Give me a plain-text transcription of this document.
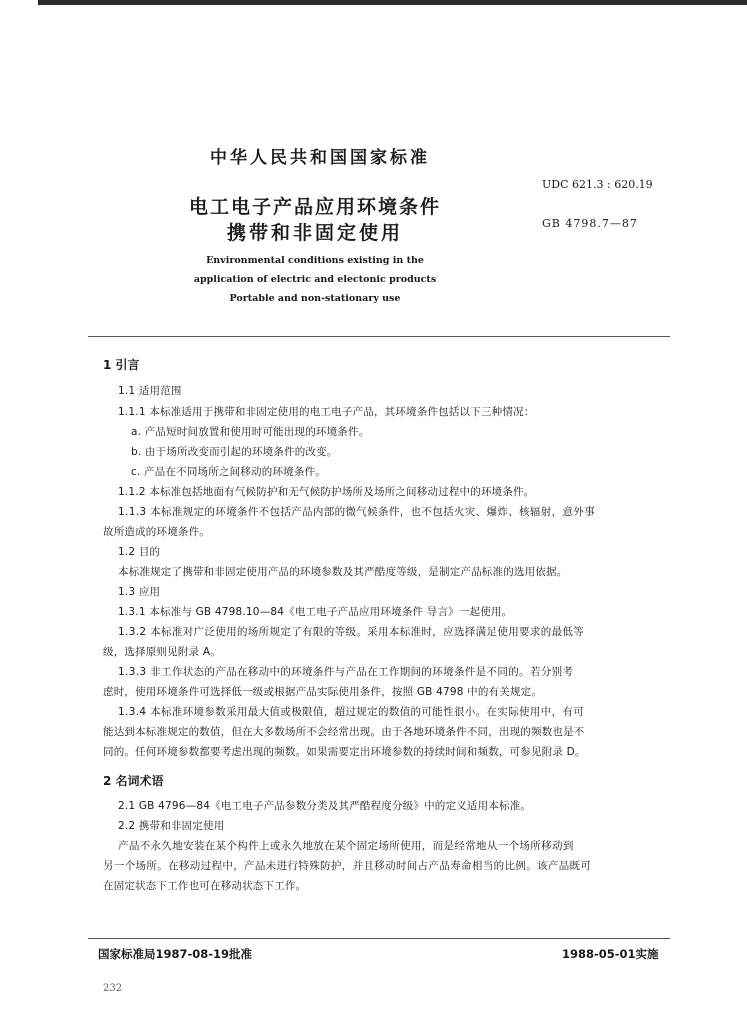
中华人民共和国国家标准
电工电子产品应用环境条件
携带和非固定使用
UDC 621.3 : 620.19
GB 4798.7—87
Environmental conditions existing in the
application of electric and electonic products
Portable and non-stationary use
1 引言
1.1 适用范围
1.1.1 本标准适用于携带和非固定使用的电工电子产品，其环境条件包括以下三种情况：
a. 产品短时间放置和使用时可能出现的环境条件。
b. 由于场所改变而引起的环境条件的改变。
c. 产品在不同场所之间移动的环境条件。
1.1.2 本标准包括地面有气候防护和无气候防护场所及场所之间移动过程中的环境条件。
1.1.3 本标准规定的环境条件不包括产品内部的微气候条件，也不包括火灾、爆炸、核辐射，意外事
故所造成的环境条件。
1.2 目的
本标准规定了携带和非固定使用产品的环境参数及其严酷度等级，是制定产品标准的选用依据。
1.3 应用
1.3.1 本标准与 GB 4798.10—84《电工电子产品应用环境条件 导言》一起使用。
1.3.2 本标准对广泛使用的场所规定了有限的等级。采用本标准时，应选择满足使用要求的最低等
级，选择原则见附录 A。
1.3.3 非工作状态的产品在移动中的环境条件与产品在工作期间的环境条件是不同的。若分别考
虑时，使用环境条件可选择低一级或根据产品实际使用条件，按照 GB 4798 中的有关规定。
1.3.4 本标准环境参数采用最大值或极限值，超过规定的数值的可能性很小。在实际使用中，有可
能达到本标准规定的数值，但在大多数场所不会经常出现。由于各地环境条件不同，出现的频数也是不
同的。任何环境参数都要考虑出现的频数。如果需要定出环境参数的持续时间和频数，可参见附录 D。
2 名词术语
2.1 GB 4796—84《电工电子产品参数分类及其严酷程度分级》中的定义适用本标准。
2.2 携带和非固定使用
产品不永久地安装在某个构件上或永久地放在某个固定场所使用，而是经常地从一个场所移动到
另一个场所。在移动过程中，产品未进行特殊防护，并且移动时间占产品寿命相当的比例。该产品既可
在固定状态下工作也可在移动状态下工作。
国家标准局1987-08-19批准	1988-05-01实施
232
